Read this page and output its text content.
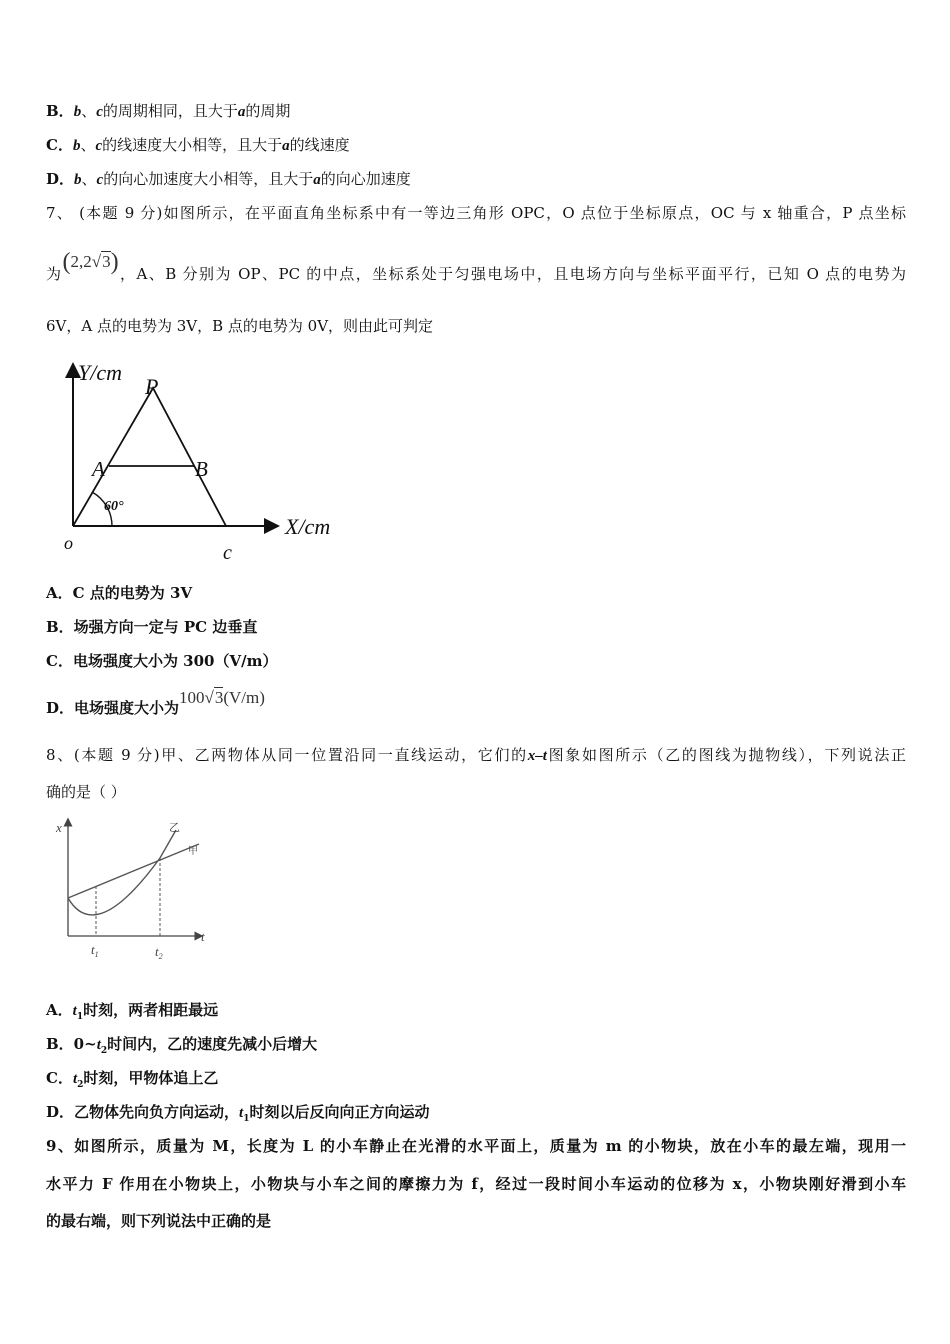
B．b、c的周期相同，且大于a的周期
C．b、c的线速度大小相等，且大于a的线速度
D．b、c的向心加速度大小相等，且大于a的向心加速度
7、 (本题 9 分)如图所示，在平面直角坐标系中有一等边三角形 OPC，O 点位于坐标原点，OC 与 x 轴重合，P 点坐标
为(2,2√3)，A、B 分别为 OP、PC 的中点，坐标系处于匀强电场中，且电场方向与坐标平面平行，已知 O 点的电势为
6V，A 点的电势为 3V，B 点的电势为 0V，则由此可判定
Y/cm
P
A	B
60°
o	c
X/cm
A．C 点的电势为 3V
B．场强方向一定与 PC 边垂直
C．电场强度大小为 300（V/m）
D．电场强度大小为100√3(V/m)
8、(本题 9 分)甲、乙两物体从同一位置沿同一直线运动，它们的x–t图象如图所示（乙的图线为抛物线），下列说法正
确的是（ ）
x
t
甲
乙
$t_1$	$t_2$
A．$t_1$时刻，两者相距最远
B．$0\sim t_2$时间内，乙的速度先减小后增大
C．$t_2$时刻，甲物体追上乙
D．乙物体先向负方向运动，$t_1$时刻以后反向向正方向运动
9、如图所示，质量为 M，长度为 L 的小车静止在光滑的水平面上，质量为 m 的小物块，放在小车的最左端，现用一
水平力 F 作用在小物块上，小物块与小车之间的摩擦力为 f，经过一段时间小车运动的位移为 x，小物块刚好滑到小车
的最右端，则下列说法中正确的是
